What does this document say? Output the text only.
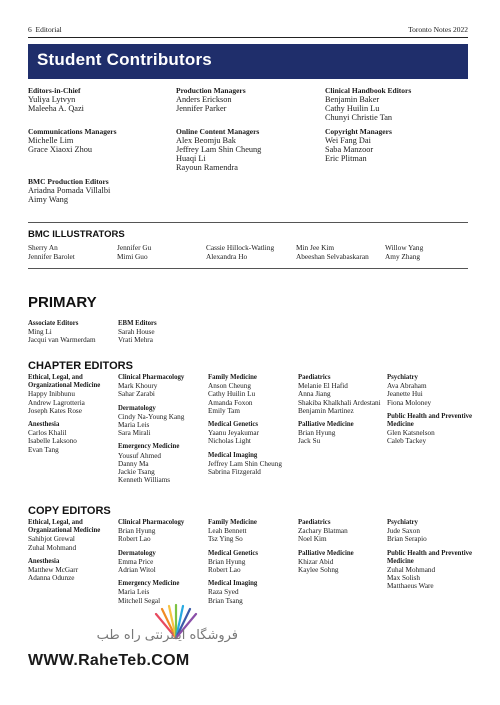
6 Editorial	Toronto Notes 2022
Student Contributors
Editors-in-Chief
Yuliya Lytvyn
Maleeha A. Qazi
Production Managers
Anders Erickson
Jennifer Parker
Clinical Handbook Editors
Benjamin Baker
Cathy Huilin Lu
Chunyi Christie Tan
Communications Managers
Michelle Lim
Grace Xiaoxi Zhou
Online Content Managers
Alex Beomju Bak
Jeffrey Lam Shin Cheung
Huaqi Li
Rayoun Ramendra
Copyright Managers
Wei Fang Dai
Saba Manzoor
Eric Plitman
BMC Production Editors
Ariadna Pomada Villalbi
Aimy Wang
BMC ILLUSTRATORS
Sherry An
Jennifer Barolet
Jennifer Gu
Mimi Guo
Cassie Hillock-Watling
Alexandra Ho
Min Jee Kim
Abeeshan Selvabaskaran
Willow Yang
Amy Zhang
PRIMARY
Associate Editors
Ming Li
Jacqui van Warmerdam
EBM Editors
Sarah House
Vrati Mehra
CHAPTER EDITORS
Ethical, Legal, and Organizational Medicine
Happy Inibhunu
Andrew Lagrotteria
Joseph Kates Rose
Anesthesia
Carlos Khalil
Isabelle Laksono
Evan Tang
Clinical Pharmacology
Mark Khoury
Sahar Zarabi
Dermatology
Cindy Na-Young Kang
Maria Leis
Sara Mirali
Emergency Medicine
Yousuf Ahmed
Danny Ma
Jackie Tsang
Kenneth Williams
Family Medicine
Anson Cheung
Cathy Huilin Lu
Amanda Foxon
Emily Tam
Medical Genetics
Yaanu Jeyakumar
Nicholas Light
Medical Imaging
Jeffrey Lam Shin Cheung
Sabrina Fitzgerald
Paediatrics
Melanie El Hafid
Anna Jiang
Shakiba Khalkhali Ardestani
Benjamin Martinez
Palliative Medicine
Brian Hyung
Jack Su
Psychiatry
Ava Abraham
Jeanette Hui
Fiona Moloney
Public Health and Preventive Medicine
Glen Katsnelson
Caleb Tackey
COPY EDITORS
Ethical, Legal, and Organizational Medicine
Sahibjot Grewal
Zuhal Mohmand
Anesthesia
Matthew McGarr
Adanna Odunze
Clinical Pharmacology
Brian Hyung
Robert Lao
Dermatology
Emma Price
Adrian Witol
Emergency Medicine
Maria Leis
Mitchell Segal
Family Medicine
Leah Bennett
Tsz Ying So
Medical Genetics
Brian Hyung
Robert Lao
Medical Imaging
Raza Syed
Brian Tsang
Paediatrics
Zachary Blatman
Noel Kim
Palliative Medicine
Khizar Abid
Kaylee Sohng
Psychiatry
Jude Saxon
Brian Serapio
Public Health and Preventive Medicine
Zuhal Mohmand
Max Solish
Matthaeus Ware
فروشگاه اینترنتی راه طب
WWW.RaheTeb.COM
